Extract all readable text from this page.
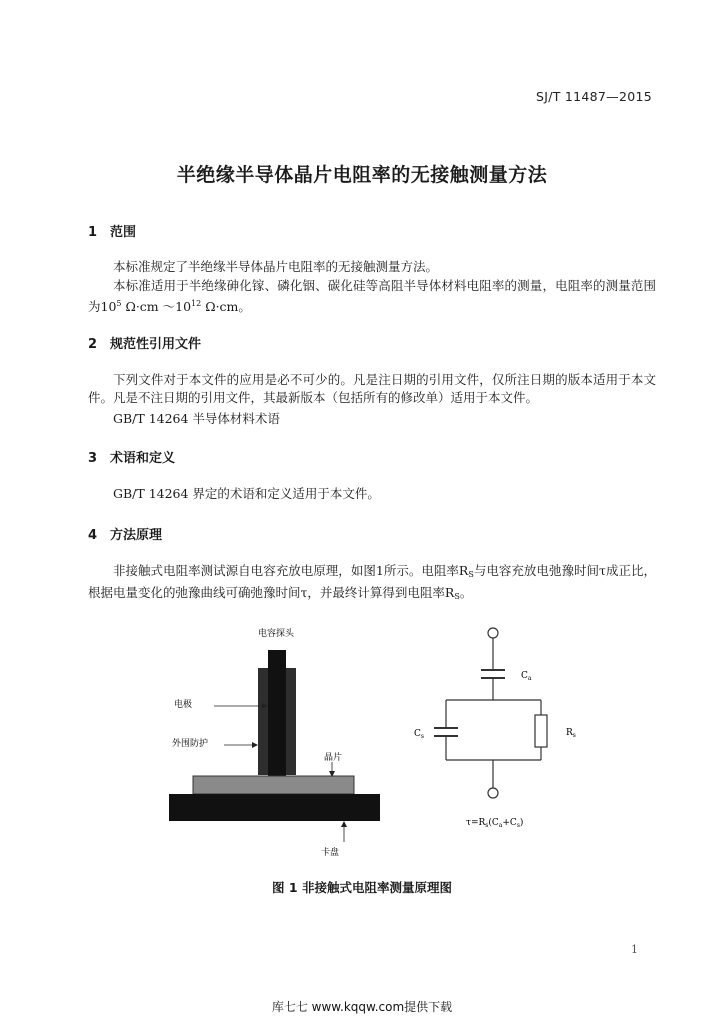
SJ/T 11487—2015
半绝缘半导体晶片电阻率的无接触测量方法
1 范围
本标准规定了半绝缘半导体晶片电阻率的无接触测量方法。
本标准适用于半绝缘砷化镓、磷化铟、碳化硅等高阻半导体材料电阻率的测量，电阻率的测量范围为$10^5$ Ω·cm $\sim 10^{12}$ Ω·cm。
2 规范性引用文件
下列文件对于本文件的应用是必不可少的。凡是注日期的引用文件，仅所注日期的版本适用于本文件。凡是不注日期的引用文件，其最新版本（包括所有的修改单）适用于本文件。
GB/T 14264 半导体材料术语
3 术语和定义
GB/T 14264 界定的术语和定义适用于本文件。
4 方法原理
非接触式电阻率测试源自电容充放电原理，如图1所示。电阻率$R_S$与电容充放电弛豫时间τ成正比，根据电量变化的弛豫曲线可确弛豫时间τ，并最终计算得到电阻率$R_S$。
电容探头
电极
外围防护
晶片
卡盘
$C_a$
$C_s$	$R_s$
$\tau=R_s(C_a+C_s)$
图 1 非接触式电阻率测量原理图
1
库七七 www.kqqw.com提供下载
